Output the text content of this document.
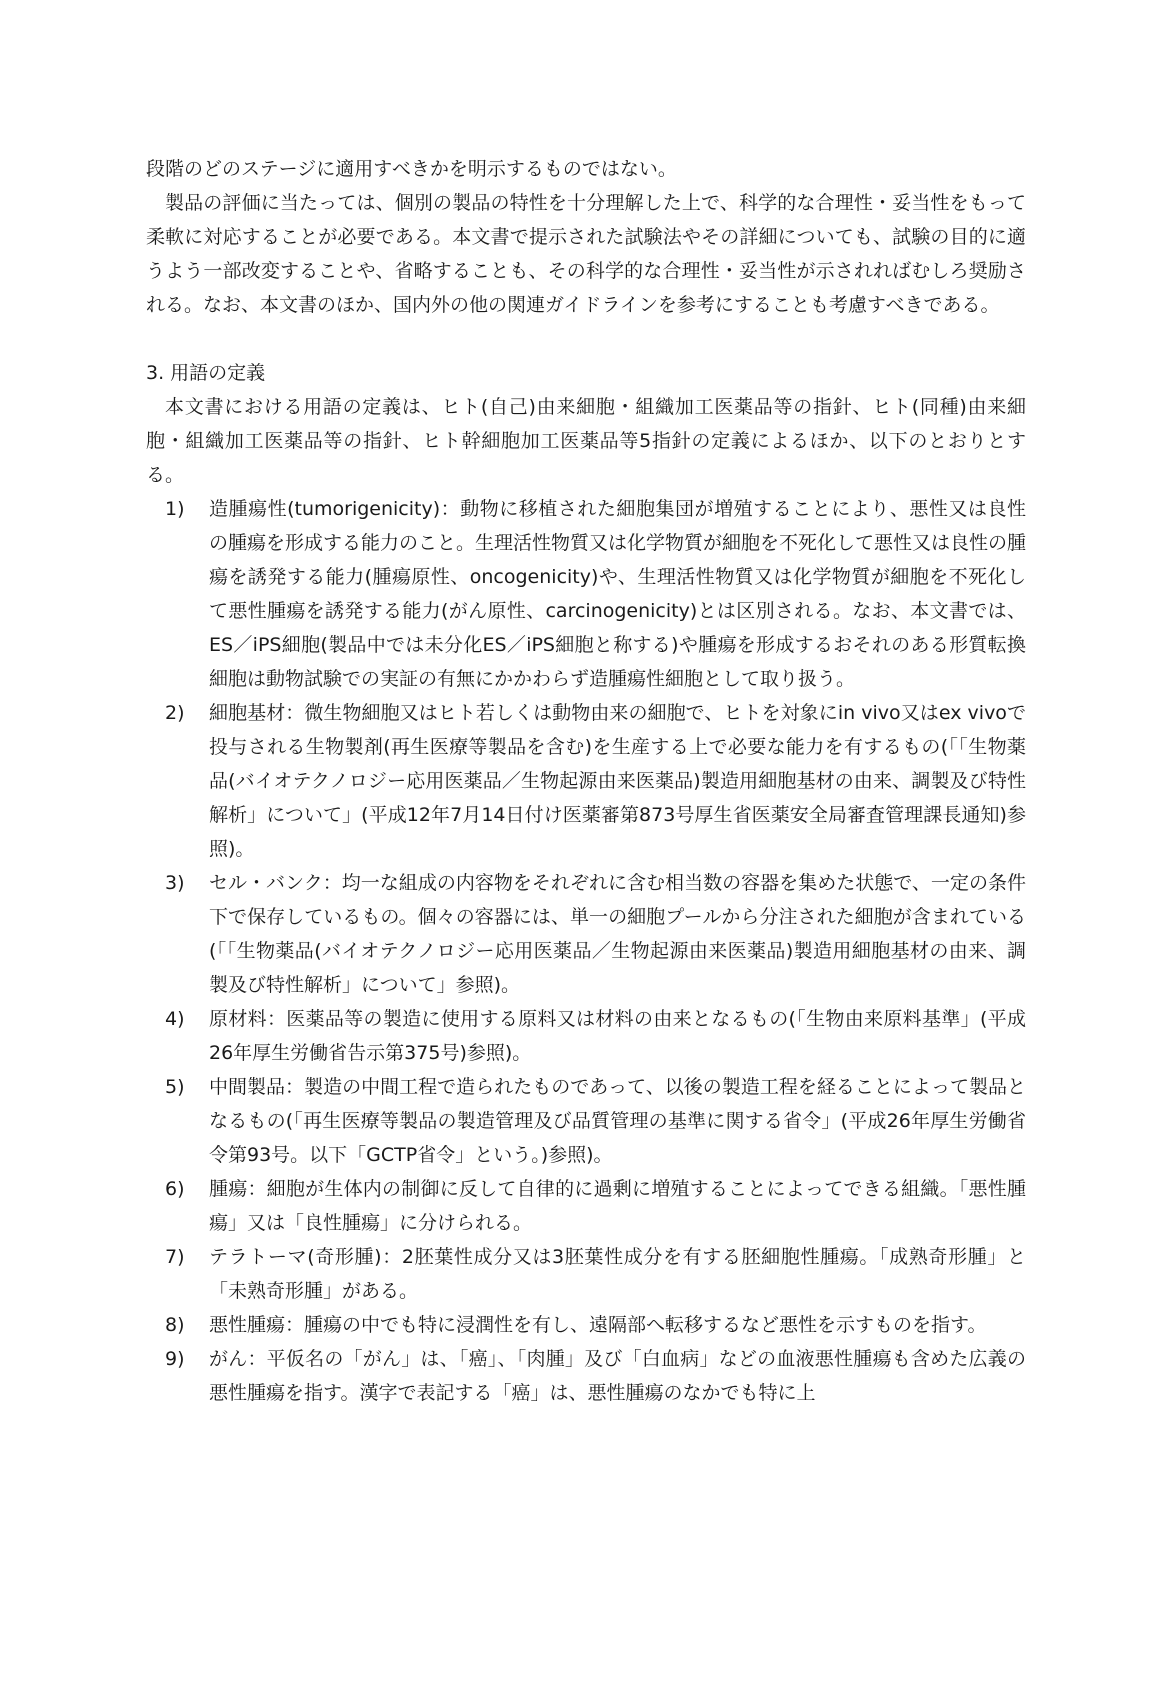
段階のどのステージに適用すべきかを明示するものではない。

製品の評価に当たっては、個別の製品の特性を十分理解した上で、科学的な合理性・妥当性をもって柔軟に対応することが必要である。本文書で提示された試験法やその詳細についても、試験の目的に適うよう一部改変することや、省略することも、その科学的な合理性・妥当性が示されればむしろ奨励される。なお、本文書のほか、国内外の他の関連ガイドラインを参考にすることも考慮すべきである。

3. 用語の定義

本文書における用語の定義は、ヒト(自己)由来細胞・組織加工医薬品等の指針、ヒト(同種)由来細胞・組織加工医薬品等の指針、ヒト幹細胞加工医薬品等5指針の定義によるほか、以下のとおりとする。

1)	造腫瘍性(tumorigenicity)：動物に移植された細胞集団が増殖することにより、悪性又は良性の腫瘍を形成する能力のこと。生理活性物質又は化学物質が細胞を不死化して悪性又は良性の腫瘍を誘発する能力(腫瘍原性、oncogenicity)や、生理活性物質又は化学物質が細胞を不死化して悪性腫瘍を誘発する能力(がん原性、carcinogenicity)とは区別される。なお、本文書では、ES／iPS細胞(製品中では未分化ES／iPS細胞と称する)や腫瘍を形成するおそれのある形質転換細胞は動物試験での実証の有無にかかわらず造腫瘍性細胞として取り扱う。
2)	細胞基材：微生物細胞又はヒト若しくは動物由来の細胞で、ヒトを対象にin vivo又はex vivoで投与される生物製剤(再生医療等製品を含む)を生産する上で必要な能力を有するもの(「「生物薬品(バイオテクノロジー応用医薬品／生物起源由来医薬品)製造用細胞基材の由来、調製及び特性解析」について」(平成12年7月14日付け医薬審第873号厚生省医薬安全局審査管理課長通知)参照)。
3)	セル・バンク：均一な組成の内容物をそれぞれに含む相当数の容器を集めた状態で、一定の条件下で保存しているもの。個々の容器には、単一の細胞プールから分注された細胞が含まれている(「「生物薬品(バイオテクノロジー応用医薬品／生物起源由来医薬品)製造用細胞基材の由来、調製及び特性解析」について」参照)。
4)	原材料：医薬品等の製造に使用する原料又は材料の由来となるもの(「生物由来原料基準」(平成26年厚生労働省告示第375号)参照)。
5)	中間製品：製造の中間工程で造られたものであって、以後の製造工程を経ることによって製品となるもの(「再生医療等製品の製造管理及び品質管理の基準に関する省令」(平成26年厚生労働省令第93号。以下「GCTP省令」という。)参照)。
6)	腫瘍：細胞が生体内の制御に反して自律的に過剰に増殖することによってできる組織。「悪性腫瘍」又は「良性腫瘍」に分けられる。
7)	テラトーマ(奇形腫)：2胚葉性成分又は3胚葉性成分を有する胚細胞性腫瘍。「成熟奇形腫」と「未熟奇形腫」がある。
8)	悪性腫瘍：腫瘍の中でも特に浸潤性を有し、遠隔部へ転移するなど悪性を示すものを指す。
9)	がん：平仮名の「がん」は、「癌」、「肉腫」及び「白血病」などの血液悪性腫瘍も含めた広義の悪性腫瘍を指す。漢字で表記する「癌」は、悪性腫瘍のなかでも特に上
